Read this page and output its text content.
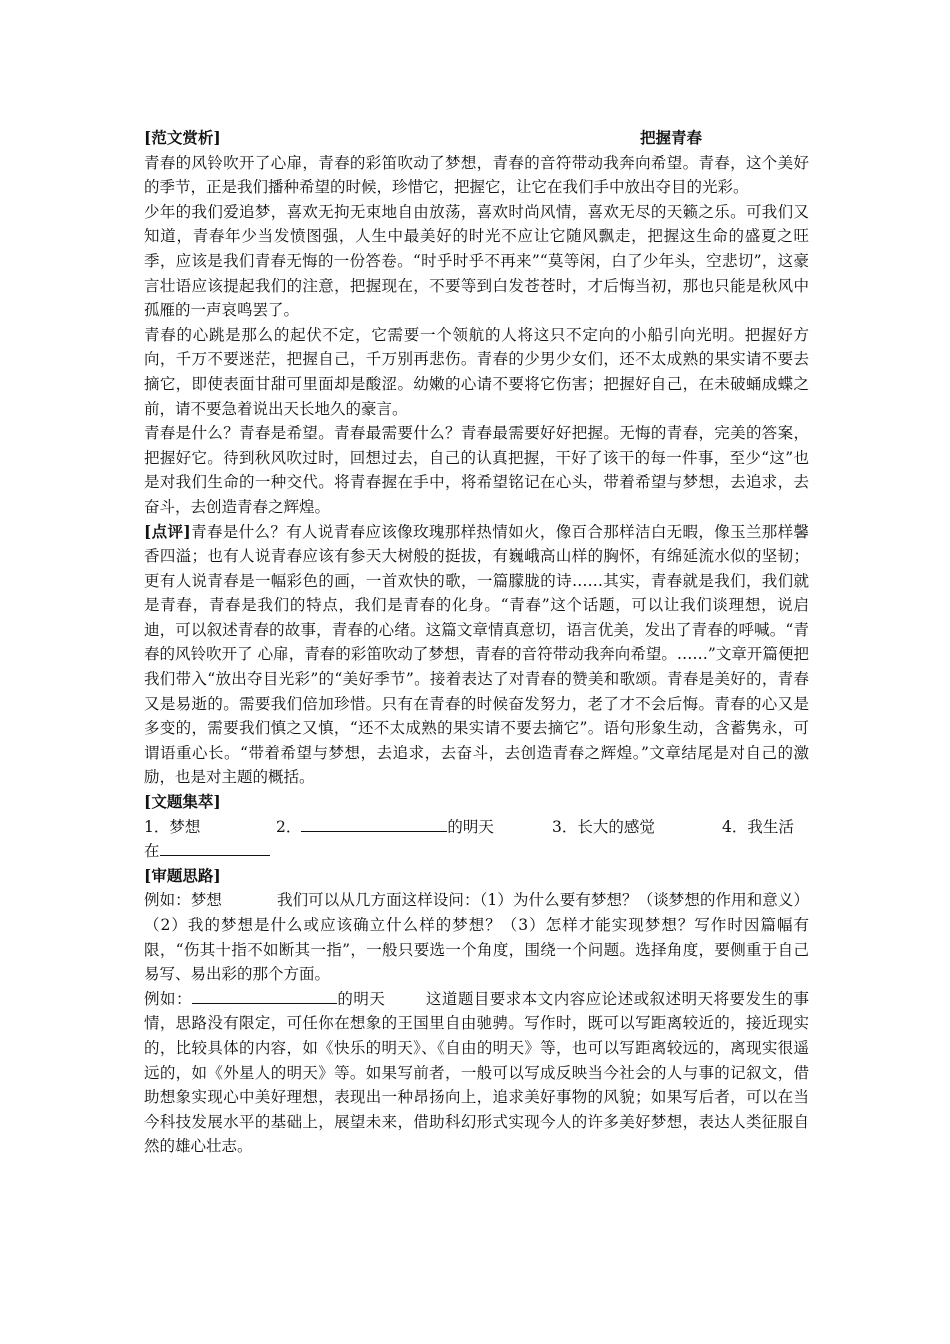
[范文赏析]	把握青春

青春的风铃吹开了心扉，青春的彩笛吹动了梦想，青春的音符带动我奔向希望。青春，这个美好的季节，正是我们播种希望的时候，珍惜它，把握它，让它在我们手中放出夺目的光彩。

少年的我们爱追梦，喜欢无拘无束地自由放荡，喜欢时尚风情，喜欢无尽的天籁之乐。可我们又知道，青春年少当发愤图强，人生中最美好的时光不应让它随风飘走，把握这生命的盛夏之旺季，应该是我们青春无悔的一份答卷。“时乎时乎不再来”“莫等闲，白了少年头，空悲切”，这豪言壮语应该提起我们的注意，把握现在，不要等到白发苍苍时，才后悔当初，那也只能是秋风中孤雁的一声哀鸣罢了。

青春的心跳是那么的起伏不定，它需要一个领航的人将这只不定向的小船引向光明。把握好方向，千万不要迷茫，把握自己，千万别再悲伤。青春的少男少女们，还不太成熟的果实请不要去摘它，即使表面甘甜可里面却是酸涩。幼嫩的心请不要将它伤害；把握好自己，在未破蛹成蝶之前，请不要急着说出天长地久的豪言。

青春是什么？青春是希望。青春最需要什么？青春最需要好好把握。无悔的青春，完美的答案，把握好它。待到秋风吹过时，回想过去，自己的认真把握，干好了该干的每一件事，至少“这”也是对我们生命的一种交代。将青春握在手中，将希望铭记在心头，带着希望与梦想，去追求，去奋斗，去创造青春之辉煌。

[点评]青春是什么？有人说青春应该像玫瑰那样热情如火，像百合那样洁白无暇，像玉兰那样馨香四溢；也有人说青春应该有参天大树般的挺拔，有巍峨高山样的胸怀，有绵延流水似的坚韧；更有人说青春是一幅彩色的画，一首欢快的歌，一篇朦胧的诗……其实，青春就是我们，我们就是青春，青春是我们的特点，我们是青春的化身。“青春”这个话题，可以让我们谈理想，说启迪，可以叙述青春的故事，青春的心绪。这篇文章情真意切，语言优美，发出了青春的呼喊。“青春的风铃吹开了 心扉，青春的彩笛吹动了梦想，青春的音符带动我奔向希望。……”文章开篇便把我们带入“放出夺目光彩”的“美好季节”。接着表达了对青春的赞美和歌颂。青春是美好的，青春又是易逝的。需要我们倍加珍惜。只有在青春的时候奋发努力，老了才不会后悔。青春的心又是多变的，需要我们慎之又慎，“还不太成熟的果实请不要去摘它”。语句形象生动，含蓄隽永，可谓语重心长。“带着希望与梦想，去追求，去奋斗，去创造青春之辉煌。”文章结尾是对自己的激励，也是对主题的概括。

[文题集萃]
1．梦想	2．	的明天	3．长大的感觉	4．我生活

在

[审题思路]

例如：梦想	我们可以从几方面这样设问：（1）为什么要有梦想？（谈梦想的作用和意义）（2）我的梦想是什么或应该确立什么样的梦想？（3）怎样才能实现梦想？写作时因篇幅有限，“伤其十指不如断其一指”，一般只要选一个角度，围绕一个问题。选择角度，要侧重于自己易写、易出彩的那个方面。

例如：	的明天	这道题目要求本文内容应论述或叙述明天将要发生的事情，思路没有限定，可任你在想象的王国里自由驰骋。写作时，既可以写距离较近的，接近现实的，比较具体的内容，如《快乐的明天》、《自由的明天》等，也可以写距离较远的，离现实很遥远的，如《外星人的明天》等。如果写前者，一般可以写成反映当今社会的人与事的记叙文，借助想象实现心中美好理想，表现出一种昂扬向上，追求美好事物的风貌；如果写后者，可以在当今科技发展水平的基础上，展望未来，借助科幻形式实现今人的许多美好梦想，表达人类征服自然的雄心壮志。
